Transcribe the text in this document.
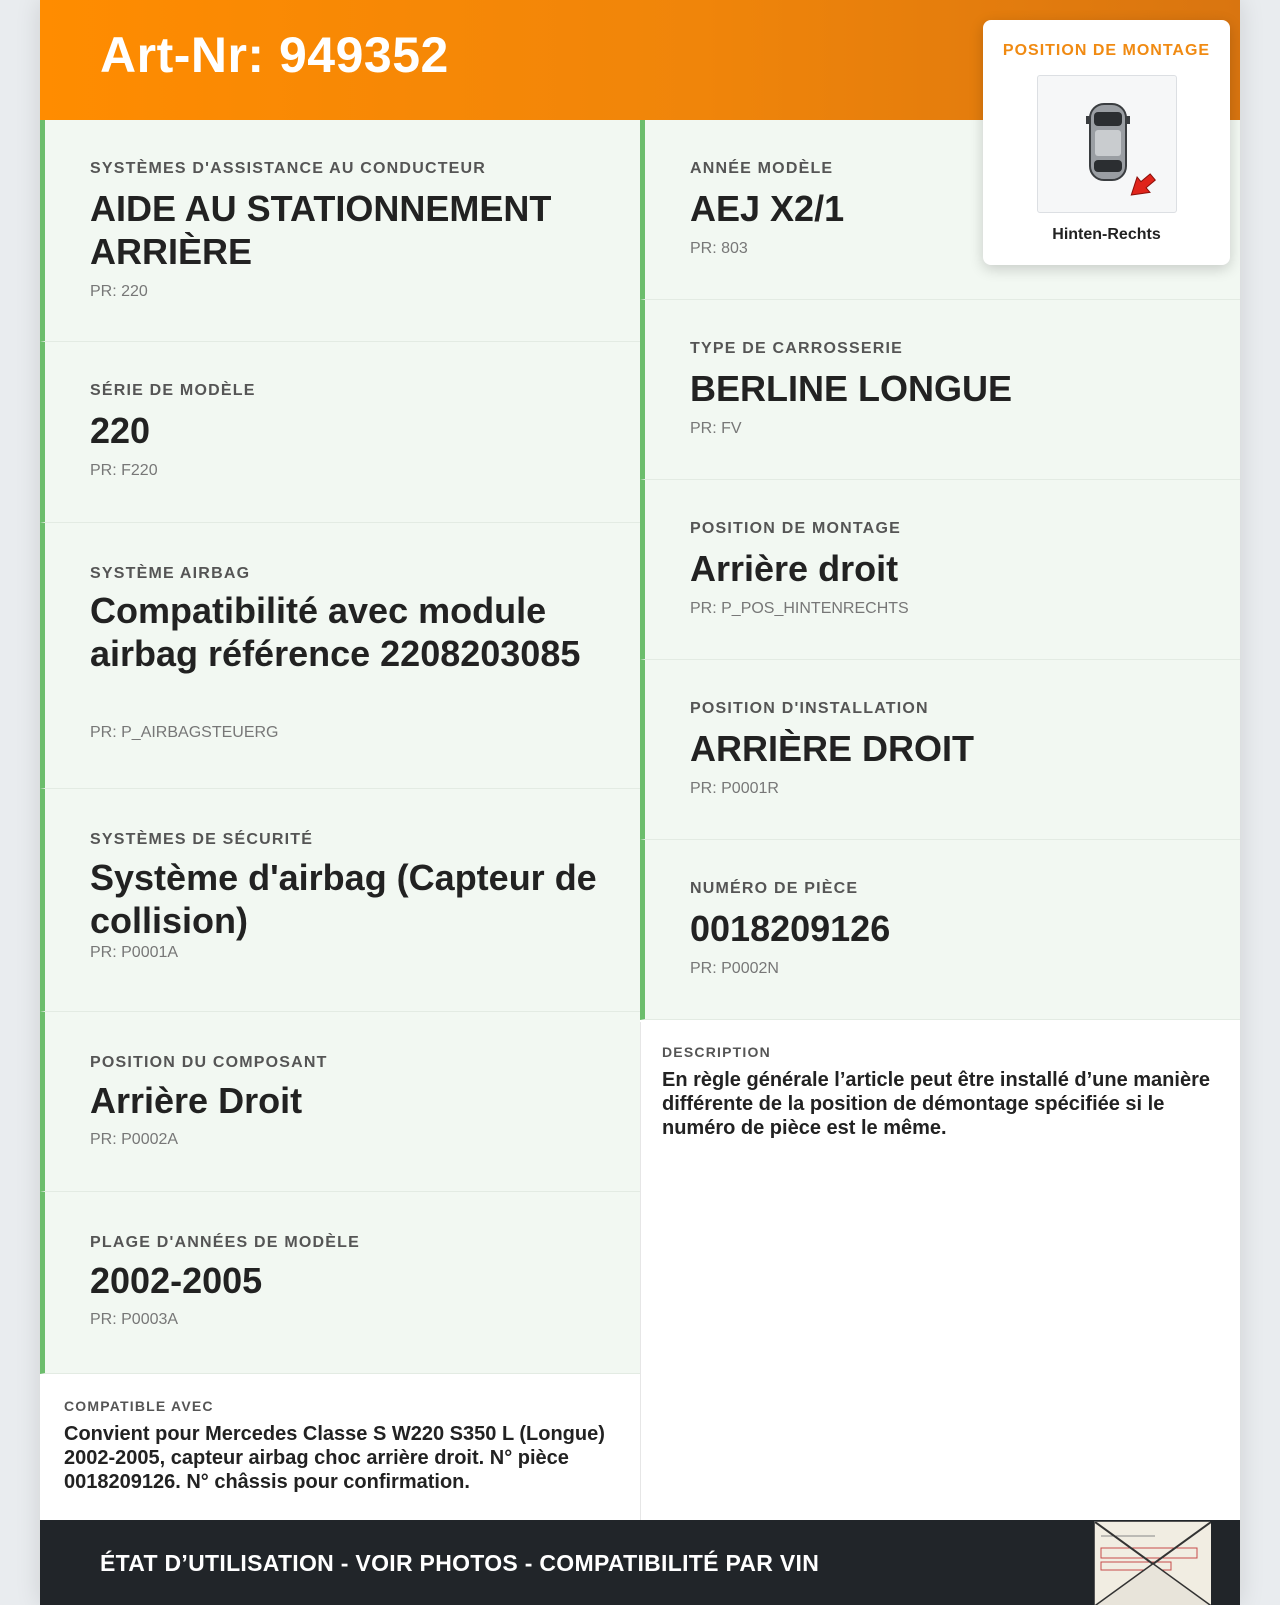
Art-Nr: 949352	POSITION DE MONTAGE
Hinten-Rechts
SYSTÈMES D'ASSISTANCE AU CONDUCTEUR
AIDE AU STATIONNEMENT ARRIÈRE
PR: 220
SÉRIE DE MODÈLE
220
PR: F220
SYSTÈME AIRBAG
Compatibilité avec module airbag référence 2208203085
PR: P_AIRBAGSTEUERG
SYSTÈMES DE SÉCURITÉ
Système d'airbag (Capteur de collision)
PR: P0001A
POSITION DU COMPOSANT
Arrière Droit
PR: P0002A
PLAGE D'ANNÉES DE MODÈLE
2002-2005
PR: P0003A
ANNÉE MODÈLE
AEJ X2/1
PR: 803
TYPE DE CARROSSERIE
BERLINE LONGUE
PR: FV
POSITION DE MONTAGE
Arrière droit
PR: P_POS_HINTENRECHTS
POSITION D'INSTALLATION
ARRIÈRE DROIT
PR: P0001R
NUMÉRO DE PIÈCE
0018209126
PR: P0002N
DESCRIPTION
En règle générale l’article peut être installé d’une manière différente de la position de démontage spécifiée si le numéro de pièce est le même.
COMPATIBLE AVEC
Convient pour Mercedes Classe S W220 S350 L (Longue) 2002-2005, capteur airbag choc arrière droit. N° pièce 0018209126. N° châssis pour confirmation.
ÉTAT D’UTILISATION - VOIR PHOTOS - COMPATIBILITÉ PAR VIN
